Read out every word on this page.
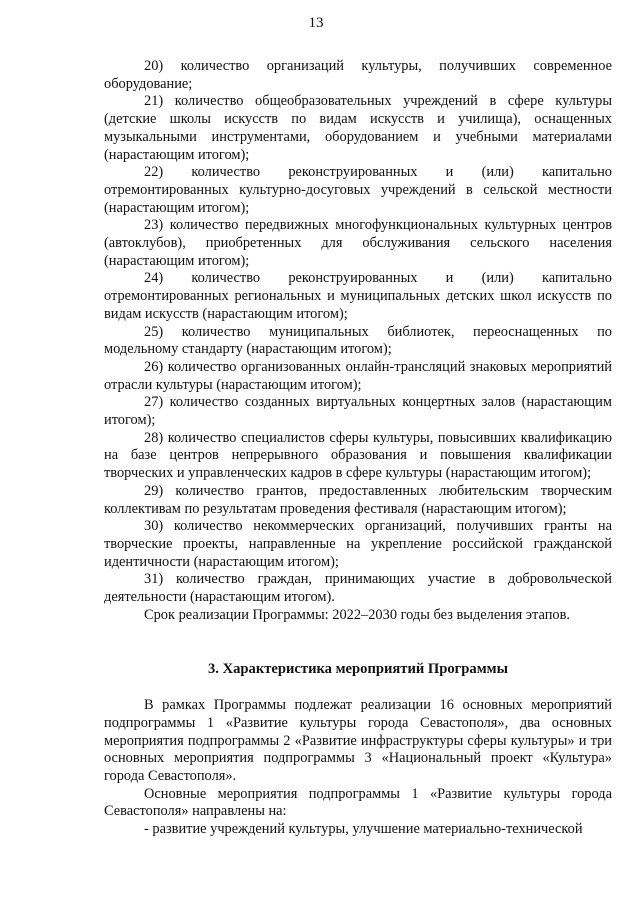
13

20) количество организаций культуры, получивших современное оборудование;

21) количество общеобразовательных учреждений в сфере культуры (детские школы искусств по видам искусств и училища), оснащенных музыкальными инструментами, оборудованием и учебными материалами (нарастающим итогом);

22) количество реконструированных и (или) капитально отремонтированных культурно-досуговых учреждений в сельской местности (нарастающим итогом);

23) количество передвижных многофункциональных культурных центров (автоклубов), приобретенных для обслуживания сельского населения (нарастающим итогом);

24) количество реконструированных и (или) капитально отремонтированных региональных и муниципальных детских школ искусств по видам искусств (нарастающим итогом);

25) количество муниципальных библиотек, переоснащенных по модельному стандарту (нарастающим итогом);

26) количество организованных онлайн-трансляций знаковых мероприятий отрасли культуры (нарастающим итогом);

27) количество созданных виртуальных концертных залов (нарастающим итогом);

28) количество специалистов сферы культуры, повысивших квалификацию на базе центров непрерывного образования и повышения квалификации творческих и управленческих кадров в сфере культуры (нарастающим итогом);

29) количество грантов, предоставленных любительским творческим коллективам по результатам проведения фестиваля (нарастающим итогом);

30) количество некоммерческих организаций, получивших гранты на творческие проекты, направленные на укрепление российской гражданской идентичности (нарастающим итогом);

31) количество граждан, принимающих участие в добровольческой деятельности (нарастающим итогом).

Срок реализации Программы: 2022–2030 годы без выделения этапов.

3. Характеристика мероприятий Программы

В рамках Программы подлежат реализации 16 основных мероприятий подпрограммы 1 «Развитие культуры города Севастополя», два основных мероприятия подпрограммы 2 «Развитие инфраструктуры сферы культуры» и три основных мероприятия подпрограммы 3 «Национальный проект «Культура» города Севастополя».

Основные мероприятия подпрограммы 1 «Развитие культуры города Севастополя» направлены на:

- развитие учреждений культуры, улучшение материально-технической
